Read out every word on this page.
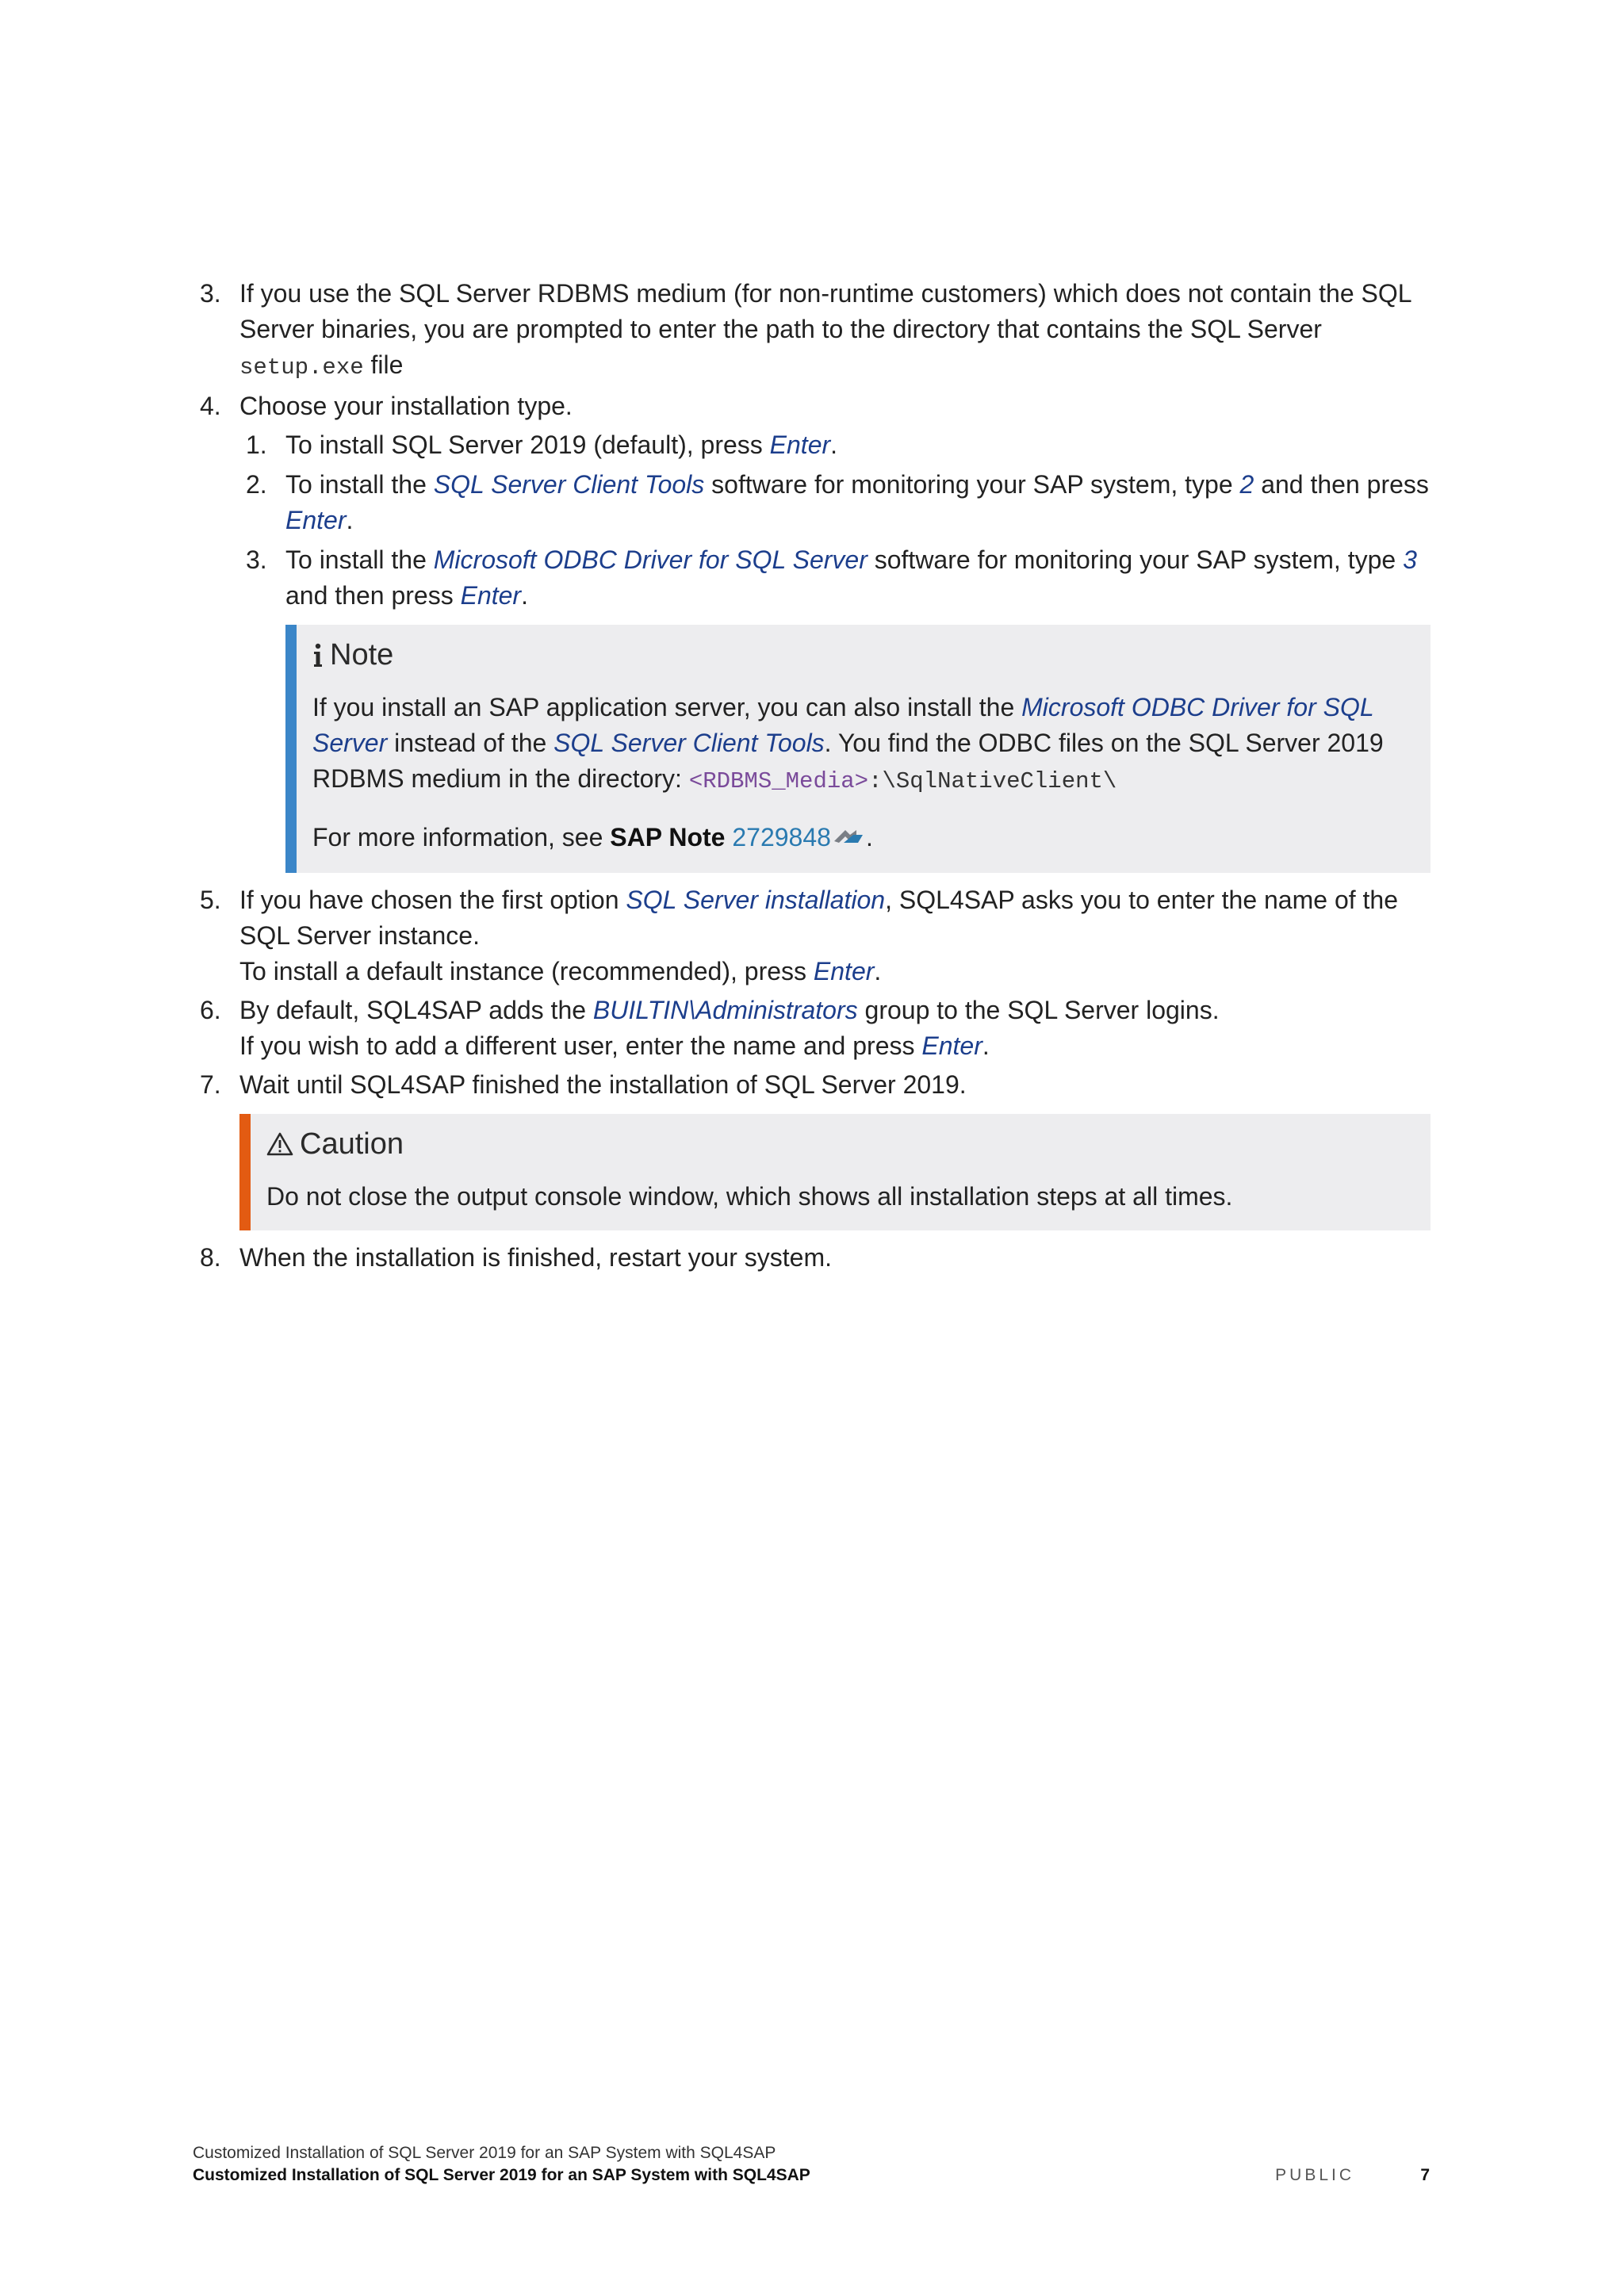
3. If you use the SQL Server RDBMS medium (for non-runtime customers) which does not contain the SQL Server binaries, you are prompted to enter the path to the directory that contains the SQL Server
setup.exe file
4. Choose your installation type.
1. To install SQL Server 2019 (default), press Enter.
2. To install the SQL Server Client Tools software for monitoring your SAP system, type 2 and then press Enter.
3. To install the Microsoft ODBC Driver for SQL Server software for monitoring your SAP system, type 3 and then press Enter.
Note

If you install an SAP application server, you can also install the Microsoft ODBC Driver for SQL Server instead of the SQL Server Client Tools. You find the ODBC files on the SQL Server 2019 RDBMS medium in the directory: <RDBMS_Media>:\SqlNativeClient\

For more information, see SAP Note 2729848 .

5. If you have chosen the first option SQL Server installation, SQL4SAP asks you to enter the name of the SQL Server instance.
To install a default instance (recommended), press Enter.
6. By default, SQL4SAP adds the BUILTIN\Administrators group to the SQL Server logins.
If you wish to add a different user, enter the name and press Enter.
7. Wait until SQL4SAP finished the installation of SQL Server 2019.
Caution

Do not close the output console window, which shows all installation steps at all times.

8. When the installation is finished, restart your system.
Customized Installation of SQL Server 2019 for an SAP System with SQL4SAP
Customized Installation of SQL Server 2019 for an SAP System with SQL4SAP	PUBLIC	7
